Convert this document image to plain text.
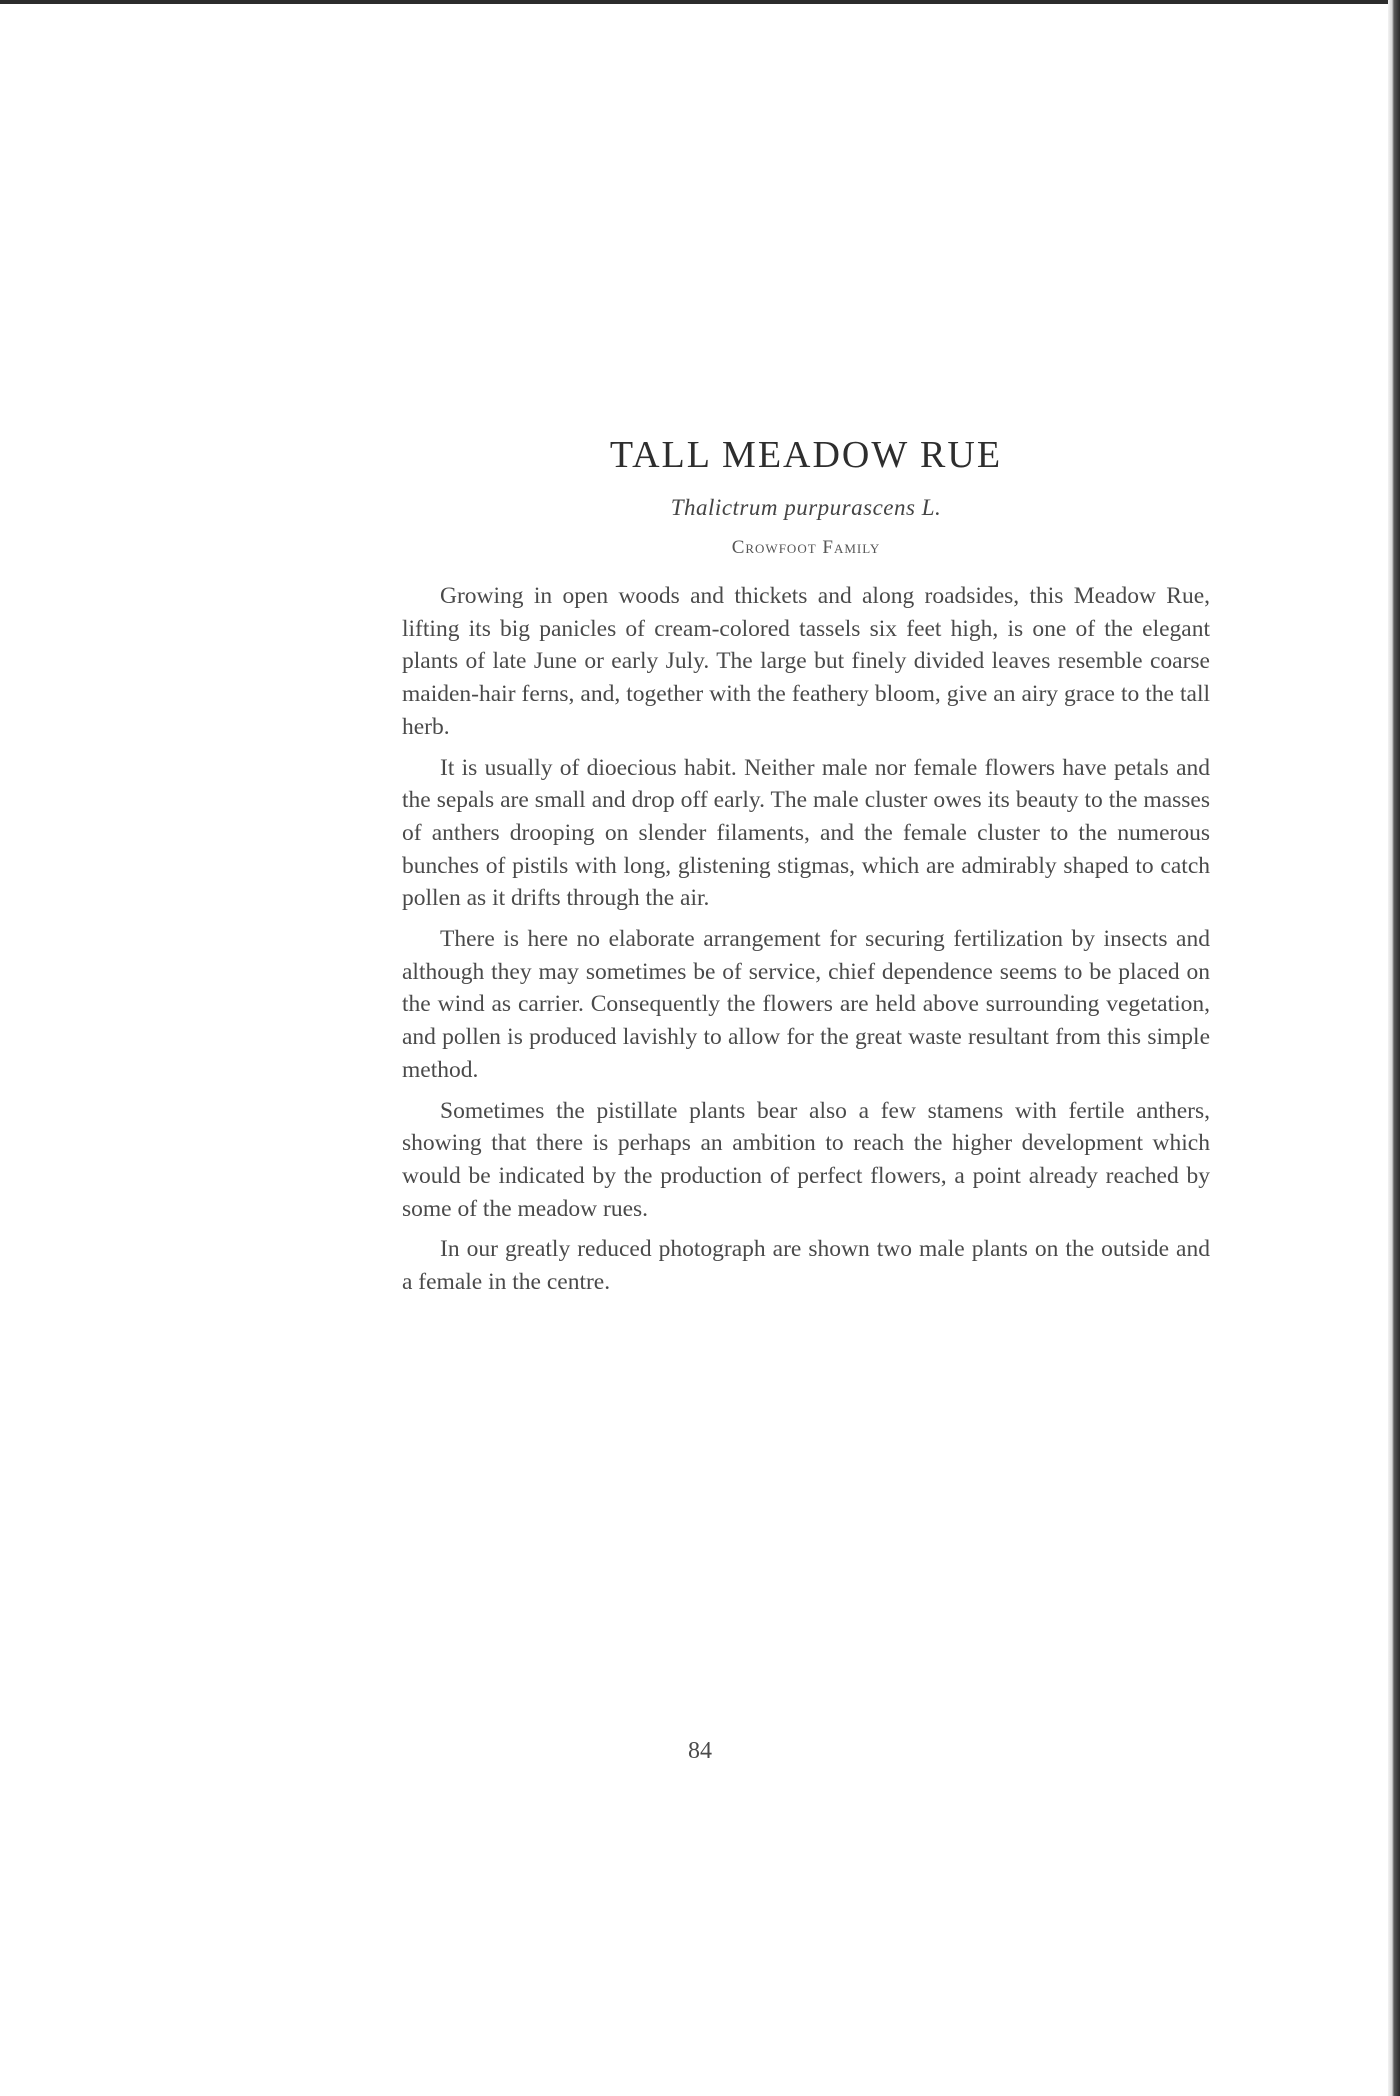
TALL MEADOW RUE
Thalictrum purpurascens L.
Crowfoot Family

Growing in open woods and thickets and along roadsides, this Meadow Rue, lifting its big panicles of cream-colored tassels six feet high, is one of the elegant plants of late June or early July. The large but finely divided leaves resemble coarse maiden-hair ferns, and, together with the feathery bloom, give an airy grace to the tall herb.

It is usually of dioecious habit. Neither male nor female flowers have petals and the sepals are small and drop off early. The male cluster owes its beauty to the masses of anthers drooping on slender filaments, and the female cluster to the numerous bunches of pistils with long, glistening stigmas, which are admirably shaped to catch pollen as it drifts through the air.

There is here no elaborate arrangement for securing fertilization by insects and although they may sometimes be of service, chief dependence seems to be placed on the wind as carrier. Consequently the flowers are held above surrounding vegetation, and pollen is produced lavishly to allow for the great waste resultant from this simple method.

Sometimes the pistillate plants bear also a few stamens with fertile anthers, showing that there is perhaps an ambition to reach the higher development which would be indicated by the production of perfect flowers, a point already reached by some of the meadow rues.

In our greatly reduced photograph are shown two male plants on the outside and a female in the centre.

84
